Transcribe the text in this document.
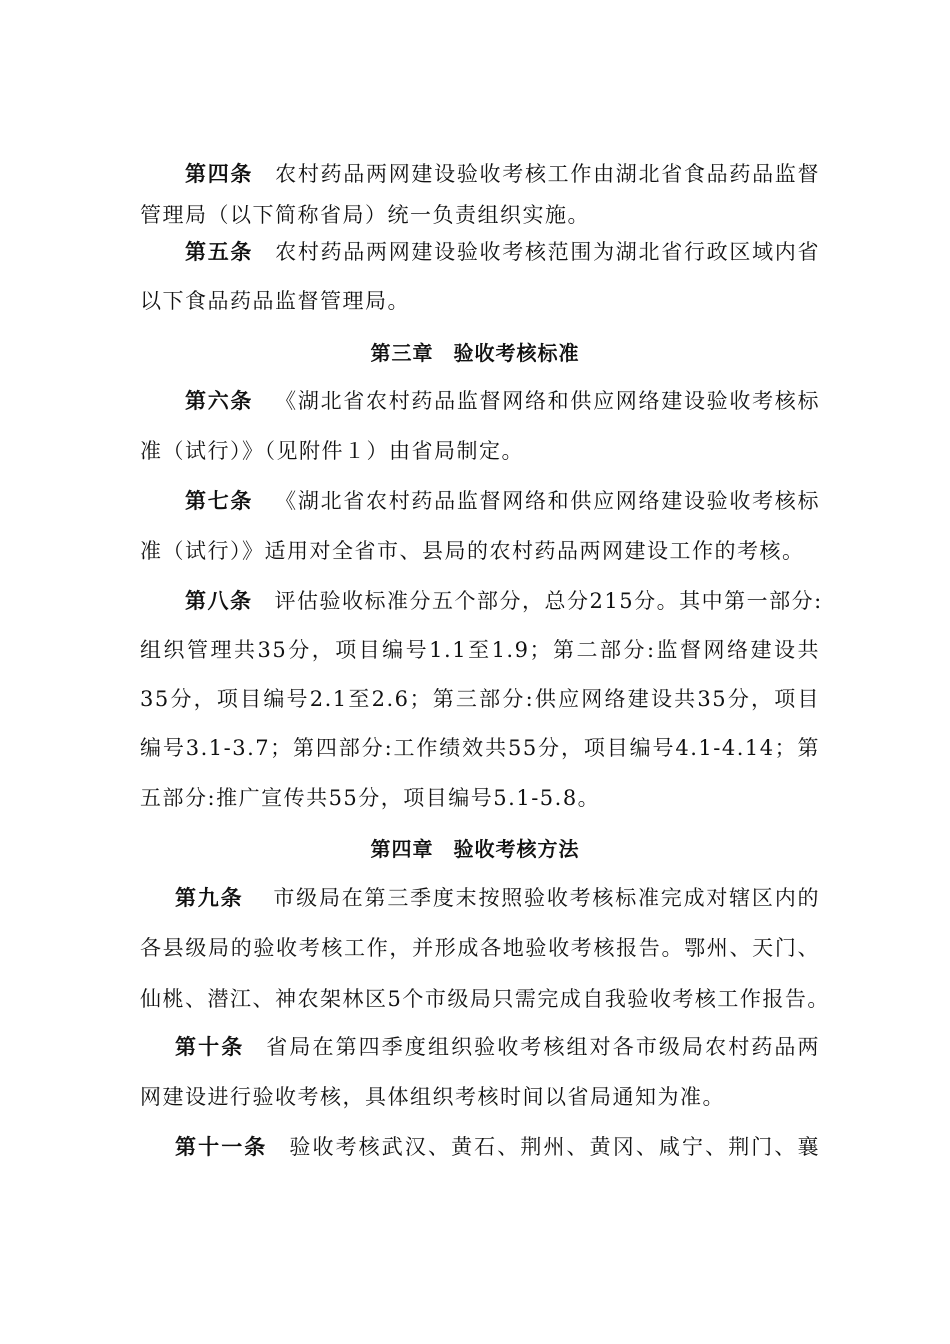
第四条 农村药品两网建设验收考核工作由湖北省食品药品监督
管理局（以下简称省局）统一负责组织实施。
第五条 农村药品两网建设验收考核范围为湖北省行政区域内省
以下食品药品监督管理局。
第三章 验收考核标准
第六条 《湖北省农村药品监督网络和供应网络建设验收考核标
准（试行）》（见附件１）由省局制定。
第七条 《湖北省农村药品监督网络和供应网络建设验收考核标
准（试行）》适用对全省市、县局的农村药品两网建设工作的考核。
第八条 评估验收标准分五个部分，总分215分。其中第一部分:
组织管理共35分，项目编号1.1至1.9；第二部分:监督网络建设共
35分，项目编号2.1至2.6；第三部分:供应网络建设共35分，项目
编号3.1-3.7；第四部分:工作绩效共55分，项目编号4.1-4.14；第
五部分:推广宣传共55分，项目编号5.1-5.8。
第四章 验收考核方法
第九条 市级局在第三季度末按照验收考核标准完成对辖区内的
各县级局的验收考核工作，并形成各地验收考核报告。鄂州、天门、
仙桃、潜江、神农架林区5个市级局只需完成自我验收考核工作报告。
第十条 省局在第四季度组织验收考核组对各市级局农村药品两
网建设进行验收考核，具体组织考核时间以省局通知为准。
第十一条 验收考核武汉、黄石、荆州、黄冈、咸宁、荆门、襄
